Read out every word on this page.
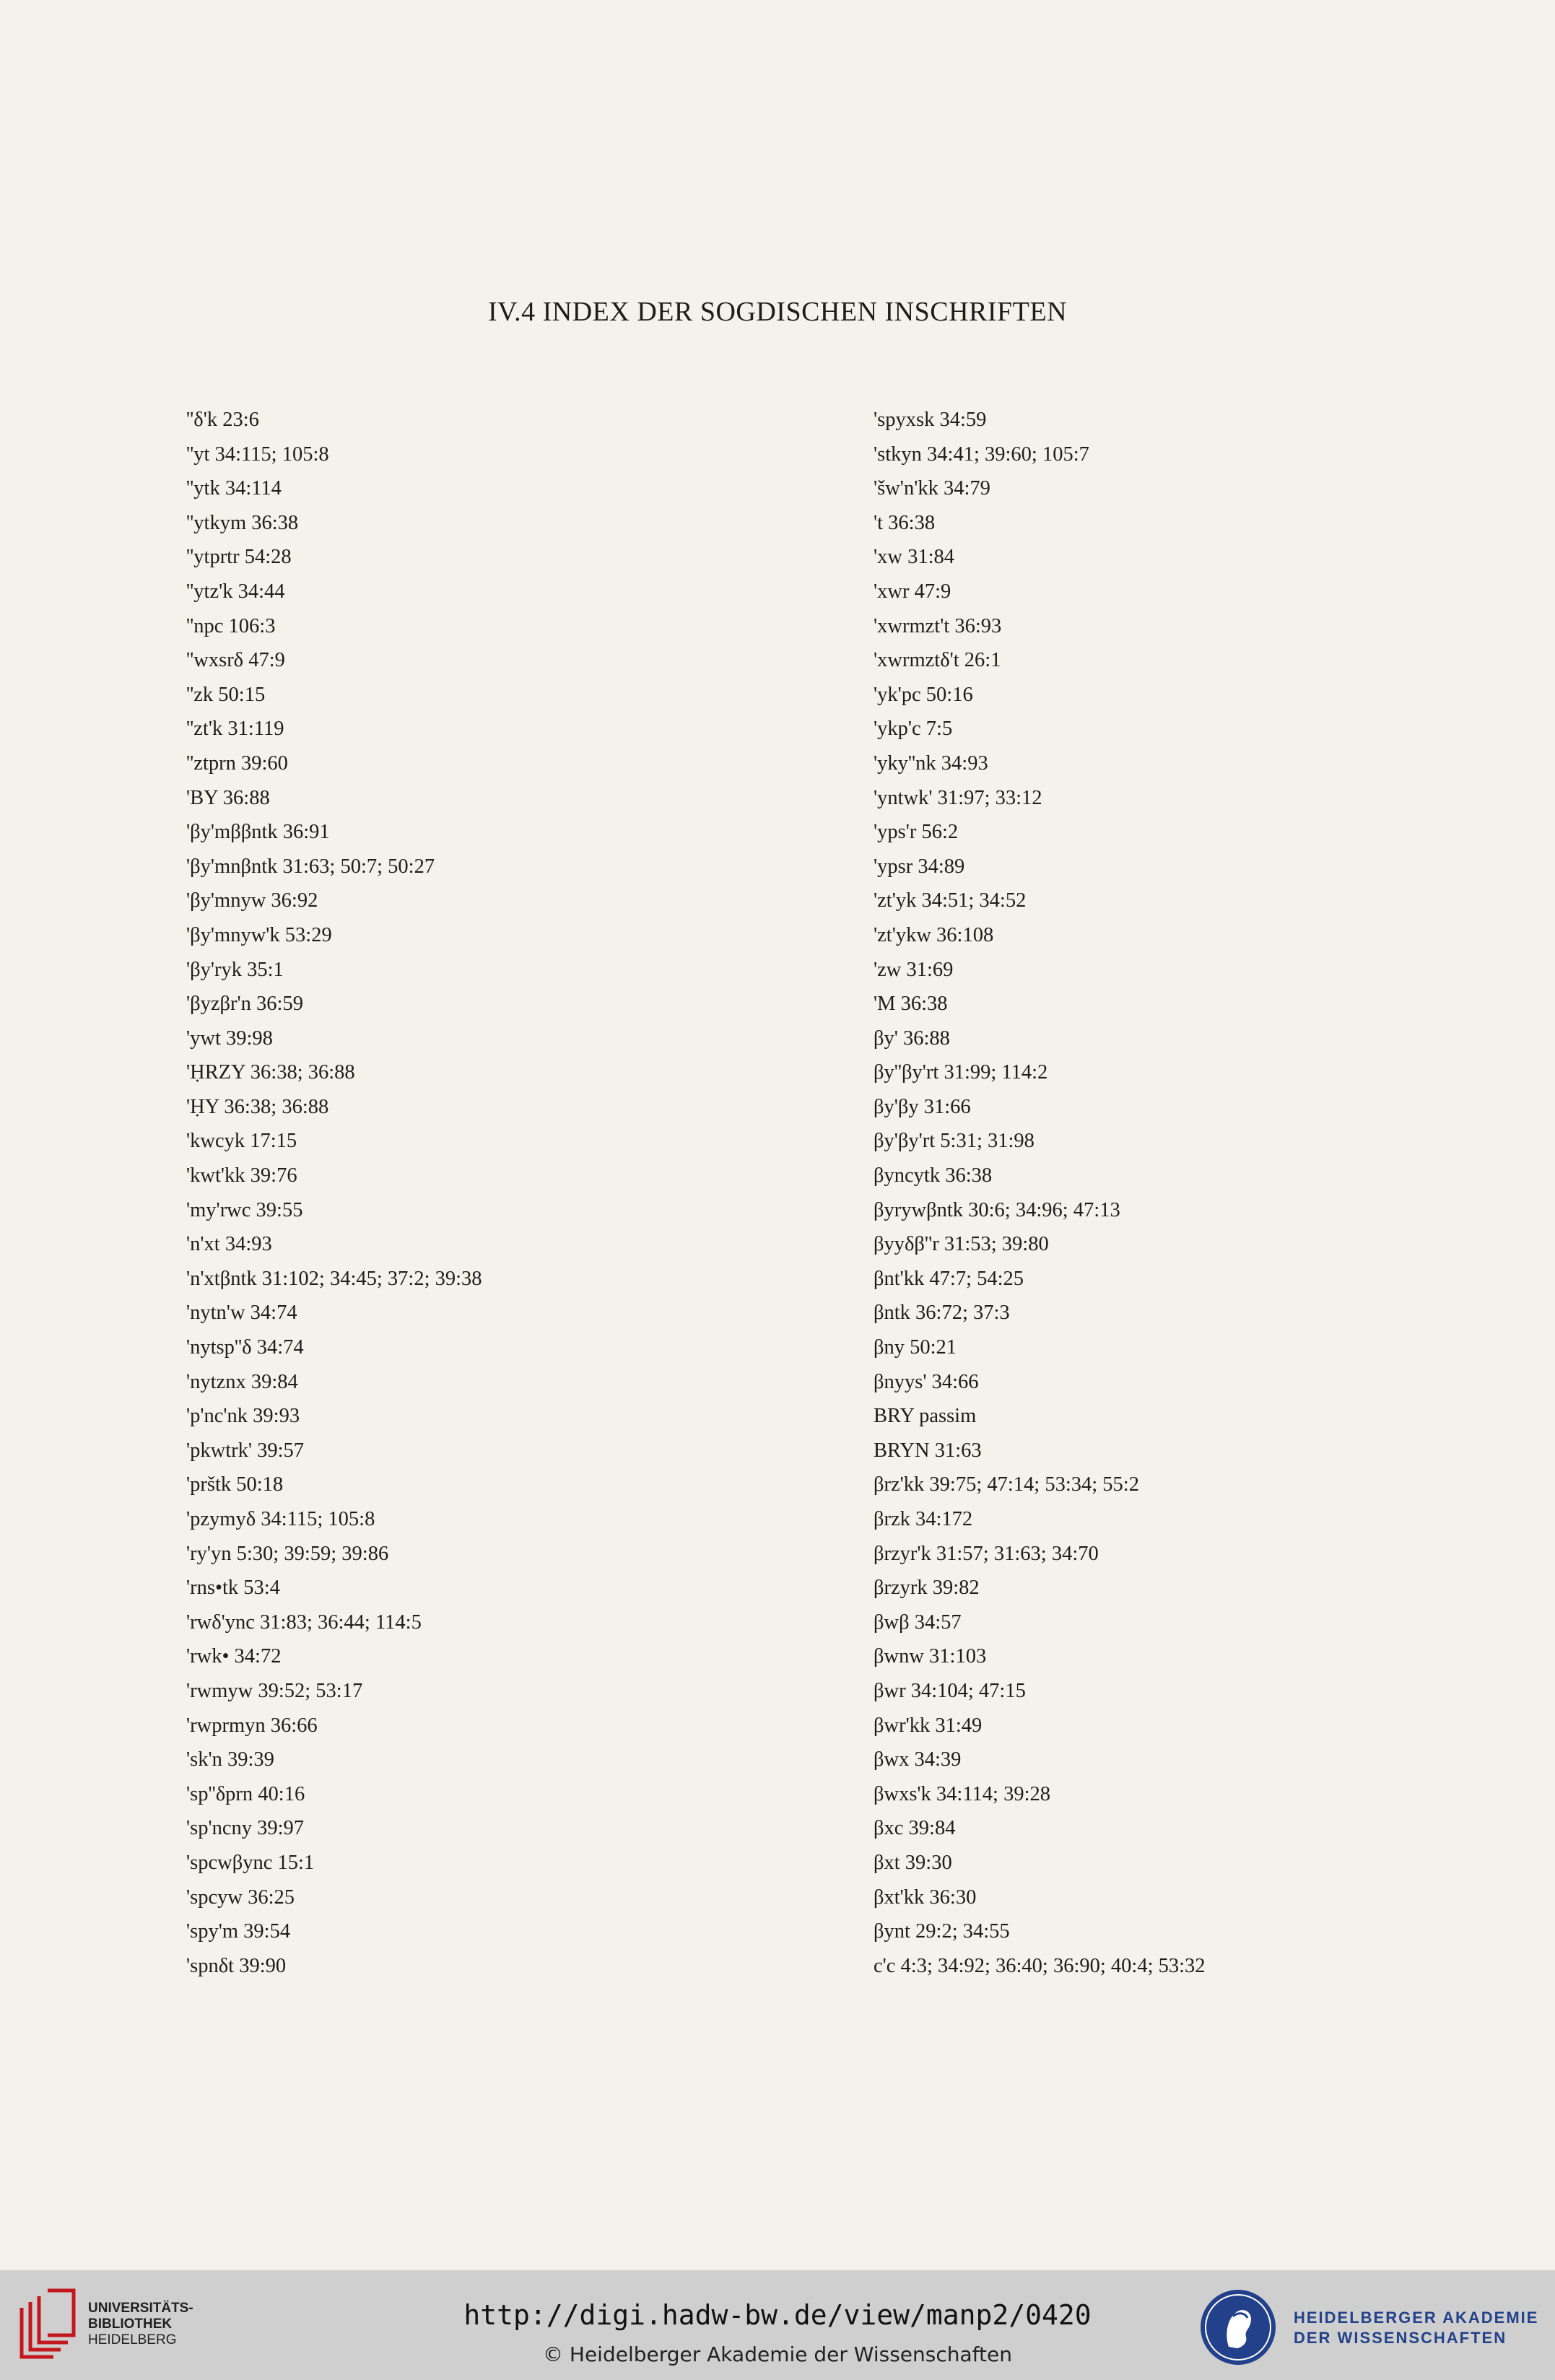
IV.4 INDEX DER SOGDISCHEN INSCHRIFTEN
''δ'k 23:6
''yt 34:115; 105:8
''ytk 34:114
''ytkym 36:38
''ytprtr 54:28
''ytz'k 34:44
''npc 106:3
''wxsrδ 47:9
''zk 50:15
''zt'k 31:119
''ztprn 39:60
'BY 36:88
'βy'mββntk 36:91
'βy'mnβntk 31:63; 50:7; 50:27
'βy'mnyw 36:92
'βy'mnyw'k 53:29
'βy'ryk 35:1
'βyzβr'n 36:59
'ywt 39:98
'ḤRZY 36:38; 36:88
'ḤY 36:38; 36:88
'kwcyk 17:15
'kwt'kk 39:76
'my'rwc 39:55
'n'xt 34:93
'n'xtβntk 31:102; 34:45; 37:2; 39:38
'nytn'w 34:74
'nytsp''δ 34:74
'nytznx 39:84
'p'nc'nk 39:93
'pkwtrk' 39:57
'prštk 50:18
'pzymyδ 34:115; 105:8
'ry'yn 5:30; 39:59; 39:86
'rns•tk 53:4
'rwδ'ync 31:83; 36:44; 114:5
'rwk• 34:72
'rwmyw 39:52; 53:17
'rwprmyn 36:66
'sk'n 39:39
'sp''δprn 40:16
'sp'ncny 39:97
'spcwβync 15:1
'spcyw 36:25
'spy'm 39:54
'spnδt 39:90
'spyxsk 34:59
'stkyn 34:41; 39:60; 105:7
'šw'n'kk 34:79
't 36:38
'xw 31:84
'xwr 47:9
'xwrmzt't 36:93
'xwrmztδ't 26:1
'yk'pc 50:16
'ykp'c 7:5
'yky''nk 34:93
'yntwk' 31:97; 33:12
'yps'r 56:2
'ypsr 34:89
'zt'yk 34:51; 34:52
'zt'ykw 36:108
'zw 31:69
'M 36:38
βy' 36:88
βy''βy'rt 31:99; 114:2
βy'βy 31:66
βy'βy'rt 5:31; 31:98
βyncytk 36:38
βyrywβntk 30:6; 34:96; 47:13
βyyδβ''r 31:53; 39:80
βnt'kk 47:7; 54:25
βntk 36:72; 37:3
βny 50:21
βnyys' 34:66
BRY passim
BRYN 31:63
βrz'kk 39:75; 47:14; 53:34; 55:2
βrzk 34:172
βrzyr'k 31:57; 31:63; 34:70
βrzyrk 39:82
βwβ 34:57
βwnw 31:103
βwr 34:104; 47:15
βwr'kk 31:49
βwx 34:39
βwxs'k 34:114; 39:28
βxc 39:84
βxt 39:30
βxt'kk 36:30
βynt 29:2; 34:55
c'c 4:3; 34:92; 36:40; 36:90; 40:4; 53:32
UNIVERSITÄTS-
BIBLIOTHEK
HEIDELBERG
http://digi.hadw-bw.de/view/manp2/0420
© Heidelberger Akademie der Wissenschaften
HEIDELBERGER AKADEMIE
DER WISSENSCHAFTEN
